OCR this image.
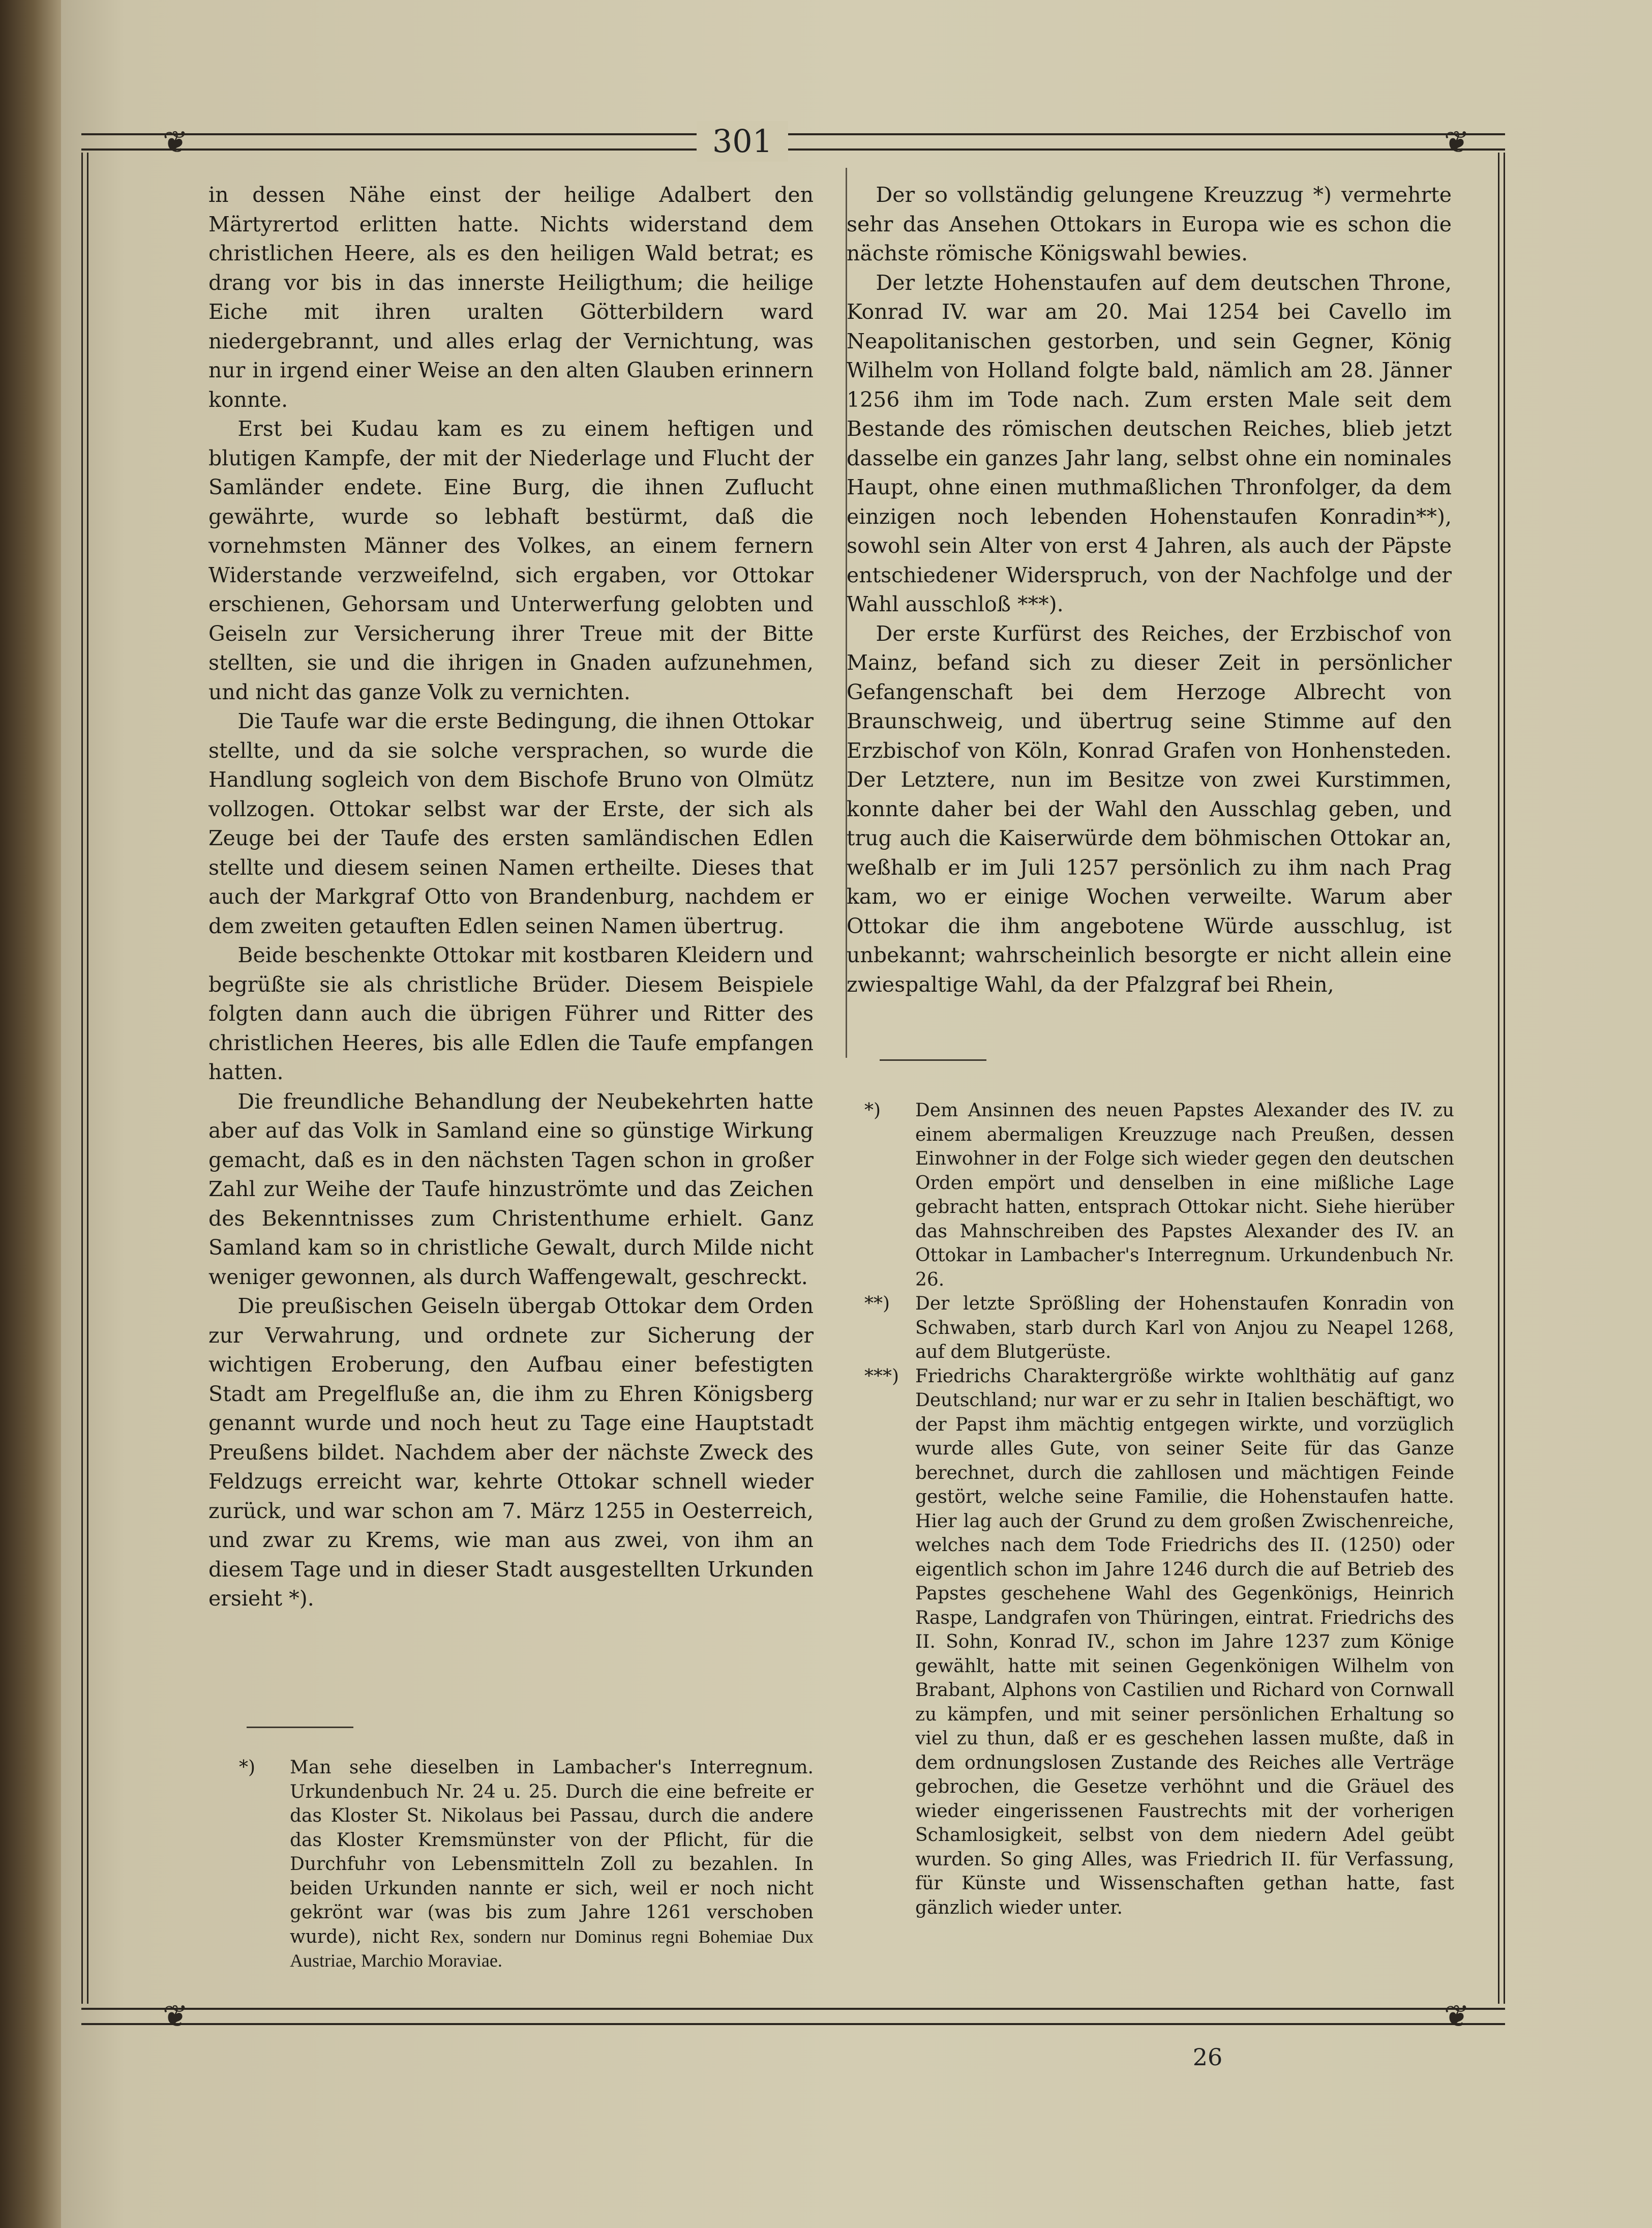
❦	❦
❦	❦
301

in dessen Nähe einst der heilige Adalbert den Märtyrertod erlitten hatte. Nichts widerstand dem christlichen Heere, als es den heiligen Wald betrat; es drang vor bis in das innerste Heiligthum; die heilige Eiche mit ihren uralten Götterbildern ward niedergebrannt, und alles erlag der Vernichtung, was nur in irgend einer Weise an den alten Glauben erinnern konnte.

Erst bei Kudau kam es zu einem heftigen und blutigen Kampfe, der mit der Niederlage und Flucht der Samländer endete. Eine Burg, die ihnen Zuflucht gewährte, wurde so lebhaft bestürmt, daß die vornehmsten Männer des Volkes, an einem fernern Widerstande verzweifelnd, sich ergaben, vor Ottokar erschienen, Gehorsam und Unterwerfung gelobten und Geiseln zur Versicherung ihrer Treue mit der Bitte stellten, sie und die ihrigen in Gnaden aufzunehmen, und nicht das ganze Volk zu vernichten.

Die Taufe war die erste Bedingung, die ihnen Ottokar stellte, und da sie solche versprachen, so wurde die Handlung sogleich von dem Bischofe Bruno von Olmütz vollzogen. Ottokar selbst war der Erste, der sich als Zeuge bei der Taufe des ersten samländischen Edlen stellte und diesem seinen Namen ertheilte. Dieses that auch der Markgraf Otto von Brandenburg, nachdem er dem zweiten getauften Edlen seinen Namen übertrug.

Beide beschenkte Ottokar mit kostbaren Kleidern und begrüßte sie als christliche Brüder. Diesem Beispiele folgten dann auch die übrigen Führer und Ritter des christlichen Heeres, bis alle Edlen die Taufe empfangen hatten.

Die freundliche Behandlung der Neubekehrten hatte aber auf das Volk in Samland eine so günstige Wirkung gemacht, daß es in den nächsten Tagen schon in großer Zahl zur Weihe der Taufe hinzuströmte und das Zeichen des Bekenntnisses zum Christenthume erhielt. Ganz Samland kam so in christliche Gewalt, durch Milde nicht weniger gewonnen, als durch Waffengewalt, geschreckt.

Die preußischen Geiseln übergab Ottokar dem Orden zur Verwahrung, und ordnete zur Sicherung der wichtigen Eroberung, den Aufbau einer befestigten Stadt am Pregelfluße an, die ihm zu Ehren Königsberg genannt wurde und noch heut zu Tage eine Hauptstadt Preußens bildet. Nachdem aber der nächste Zweck des Feldzugs erreicht war, kehrte Ottokar schnell wieder zurück, und war schon am 7. März 1255 in Oesterreich, und zwar zu Krems, wie man aus zwei, von ihm an diesem Tage und in dieser Stadt ausgestellten Urkunden ersieht *).

*) Man sehe dieselben in Lambacher's Interregnum. Urkundenbuch Nr. 24 u. 25. Durch die eine befreite er das Kloster St. Nikolaus bei Passau, durch die andere das Kloster Kremsmünster von der Pflicht, für die Durchfuhr von Lebensmitteln Zoll zu bezahlen. In beiden Urkunden nannte er sich, weil er noch nicht gekrönt war (was bis zum Jahre 1261 verschoben wurde), nicht Rex, sondern nur Dominus regni Bohemiae Dux Austriae, Marchio Moraviae.

Der so vollständig gelungene Kreuzzug *) vermehrte sehr das Ansehen Ottokars in Europa wie es schon die nächste römische Königswahl bewies.

Der letzte Hohenstaufen auf dem deutschen Throne, Konrad IV. war am 20. Mai 1254 bei Cavello im Neapolitanischen gestorben, und sein Gegner, König Wilhelm von Holland folgte bald, nämlich am 28. Jänner 1256 ihm im Tode nach. Zum ersten Male seit dem Bestande des römischen deutschen Reiches, blieb jetzt dasselbe ein ganzes Jahr lang, selbst ohne ein nominales Haupt, ohne einen muthmaßlichen Thronfolger, da dem einzigen noch lebenden Hohenstaufen Konradin**), sowohl sein Alter von erst 4 Jahren, als auch der Päpste entschiedener Widerspruch, von der Nachfolge und der Wahl ausschloß ***).

Der erste Kurfürst des Reiches, der Erzbischof von Mainz, befand sich zu dieser Zeit in persönlicher Gefangenschaft bei dem Herzoge Albrecht von Braunschweig, und übertrug seine Stimme auf den Erzbischof von Köln, Konrad Grafen von Honhensteden. Der Letztere, nun im Besitze von zwei Kurstimmen, konnte daher bei der Wahl den Ausschlag geben, und trug auch die Kaiserwürde dem böhmischen Ottokar an, weßhalb er im Juli 1257 persönlich zu ihm nach Prag kam, wo er einige Wochen verweilte. Warum aber Ottokar die ihm angebotene Würde ausschlug, ist unbekannt; wahrscheinlich besorgte er nicht allein eine zwiespaltige Wahl, da der Pfalzgraf bei Rhein,

*) Dem Ansinnen des neuen Papstes Alexander des IV. zu einem abermaligen Kreuzzuge nach Preußen, dessen Einwohner in der Folge sich wieder gegen den deutschen Orden empört und denselben in eine mißliche Lage gebracht hatten, entsprach Ottokar nicht. Siehe hierüber das Mahnschreiben des Papstes Alexander des IV. an Ottokar in Lambacher's Interregnum. Urkundenbuch Nr. 26.

**) Der letzte Sprößling der Hohenstaufen Konradin von Schwaben, starb durch Karl von Anjou zu Neapel 1268, auf dem Blutgerüste.

***) Friedrichs Charaktergröße wirkte wohlthätig auf ganz Deutschland; nur war er zu sehr in Italien beschäftigt, wo der Papst ihm mächtig entgegen wirkte, und vorzüglich wurde alles Gute, von seiner Seite für das Ganze berechnet, durch die zahllosen und mächtigen Feinde gestört, welche seine Familie, die Hohenstaufen hatte. Hier lag auch der Grund zu dem großen Zwischenreiche, welches nach dem Tode Friedrichs des II. (1250) oder eigentlich schon im Jahre 1246 durch die auf Betrieb des Papstes geschehene Wahl des Gegenkönigs, Heinrich Raspe, Landgrafen von Thüringen, eintrat. Friedrichs des II. Sohn, Konrad IV., schon im Jahre 1237 zum Könige gewählt, hatte mit seinen Gegenkönigen Wilhelm von Brabant, Alphons von Castilien und Richard von Cornwall zu kämpfen, und mit seiner persönlichen Erhaltung so viel zu thun, daß er es geschehen lassen mußte, daß in dem ordnungslosen Zustande des Reiches alle Verträge gebrochen, die Gesetze verhöhnt und die Gräuel des wieder eingerissenen Faustrechts mit der vorherigen Schamlosigkeit, selbst von dem niedern Adel geübt wurden. So ging Alles, was Friedrich II. für Verfassung, für Künste und Wissenschaften gethan hatte, fast gänzlich wieder unter.

26
